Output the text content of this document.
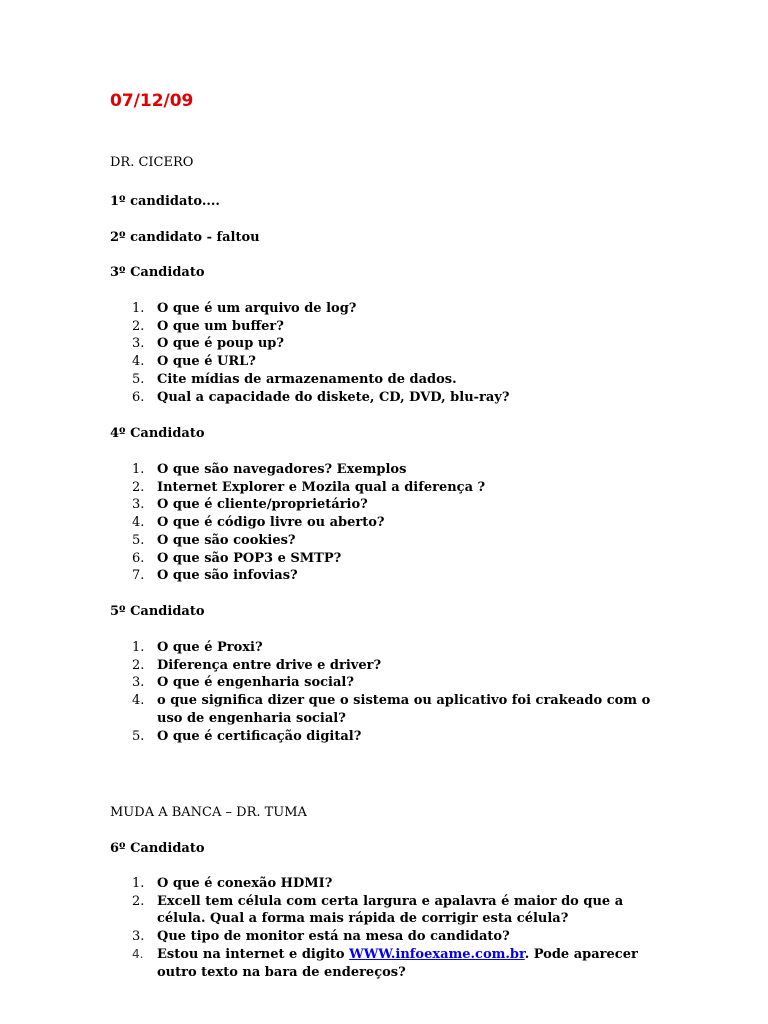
07/12/09
DR. CICERO
1º candidato....
2º candidato - faltou
3º Candidato
1. O que é um arquivo de log?
2. O que um buffer?
3. O que é poup up?
4. O que é URL?
5. Cite mídias de armazenamento de dados.
6. Qual a capacidade do diskete, CD, DVD, blu-ray?
4º Candidato
1. O que são navegadores? Exemplos
2. Internet Explorer e Mozila qual a diferença ?
3. O que é cliente/proprietário?
4. O que é código livre ou aberto?
5. O que são cookies?
6. O que são POP3 e SMTP?
7. O que são infovias?
5º Candidato
1. O que é Proxi?
2. Diferença entre drive e driver?
3. O que é engenharia social?
4. o que significa dizer que o sistema ou aplicativo foi crakeado com o uso de engenharia social?
5. O que é certificação digital?
MUDA A BANCA – DR. TUMA
6º Candidato
1. O que é conexão HDMI?
2. Excell tem célula com certa largura e apalavra é maior do que a célula. Qual a forma mais rápida de corrigir esta célula?
3. Que tipo de monitor está na mesa do candidato?
4. Estou na internet e digito WWW.infoexame.com.br. Pode aparecer outro texto na bara de endereços?
